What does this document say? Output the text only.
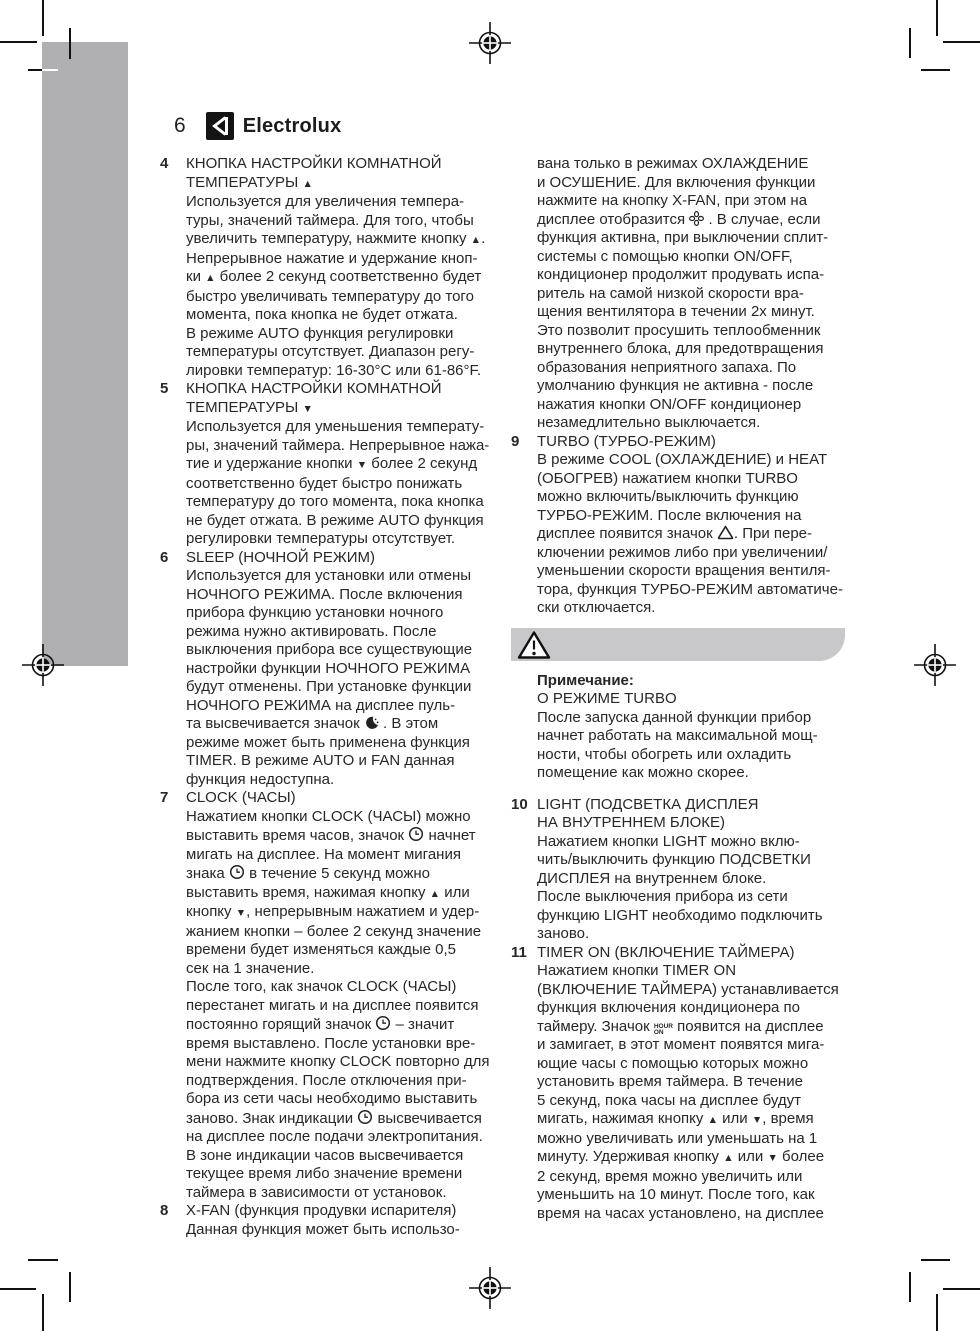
6	Electrolux
4	КНОПКА НАСТРОЙКИ КОМНАТНОЙ
ТЕМПЕРАТУРЫ ▲
Используется для увеличения темпера-
туры, значений таймера. Для того, чтобы
увеличить температуру, нажмите кнопку ▲.
Непрерывное нажатие и удержание кноп-
ки ▲ более 2 секунд соответственно будет
быстро увеличивать температуру до того
момента, пока кнопка не будет отжата.
В режиме AUTO функция регулировки
температуры отсутствует. Диапазон регу-
лировки температур: 16-30°C или 61-86°F.
5	КНОПКА НАСТРОЙКИ КОМНАТНОЙ
ТЕМПЕРАТУРЫ ▼
Используется для уменьшения температу-
ры, значений таймера. Непрерывное нажа-
тие и удержание кнопки ▼ более 2 секунд
соответственно будет быстро понижать
температуру до того момента, пока кнопка
не будет отжата. В режиме AUTO функция
регулировки температуры отсутствует.
6	SLEEP (НОЧНОЙ РЕЖИМ)
Используется для установки или отмены
НОЧНОГО РЕЖИМА. После включения
прибора функцию установки ночного
режима нужно активировать. После
выключения прибора все существующие
настройки функции НОЧНОГО РЕЖИМА
будут отменены. При установке функции
НОЧНОГО РЕЖИМА на дисплее пуль-
та высвечивается значок  . В этом
режиме может быть применена функция
TIMER. В режиме AUTO и FAN данная
функция недоступна.
7	CLOCK (ЧАСЫ)
Нажатием кнопки CLOCK (ЧАСЫ) можно
выставить время часов, значок  начнет
мигать на дисплее. На момент мигания
знака  в течение 5 секунд можно
выставить время, нажимая кнопку ▲ или
кнопку ▼, непрерывным нажатием и удер-
жанием кнопки – более 2 секунд значение
времени будет изменяться каждые 0,5
сек на 1 значение.
После того, как значок CLOCK (ЧАСЫ)
перестанет мигать и на дисплее появится
постоянно горящий значок  – значит
время выставлено. После установки вре-
мени нажмите кнопку CLOCK повторно для
подтверждения. После отключения при-
бора из сети часы необходимо выставить
заново. Знак индикации  высвечивается
на дисплее после подачи электропитания.
В зоне индикации часов высвечивается
текущее время либо значение времени
таймера в зависимости от установок.
8	X-FAN (функция продувки испарителя)
Данная функция может быть использо-
вана только в режимах ОХЛАЖДЕНИЕ
и ОСУШЕНИЕ. Для включения функции
нажмите на кнопку X-FAN, при этом на
дисплее отобразится  . В случае, если
функция активна, при выключении сплит-
системы с помощью кнопки ON/OFF,
кондиционер продолжит продувать испа-
ритель на самой низкой скорости вра-
щения вентилятора в течении 2х минут.
Это позволит просушить теплообменник
внутреннего блока, для предотвращения
образования неприятного запаха. По
умолчанию функция не активна - после
нажатия кнопки ON/OFF кондиционер
незамедлительно выключается.
9	TURBO (ТУРБО-РЕЖИМ)
В режиме COOL (ОХЛАЖДЕНИЕ) и HEAT
(ОБОГРЕВ) нажатием кнопки TURBO
можно включить/выключить функцию
ТУРБО-РЕЖИМ. После включения на
дисплее появится значок . При пере-
ключении режимов либо при увеличении/
уменьшении скорости вращения вентиля-
тора, функция ТУРБО-РЕЖИМ автоматиче-
ски отключается.
Примечание:
О РЕЖИМЕ TURBO
После запуска данной функции прибор
начнет работать на максимальной мощ-
ности, чтобы обогреть или охладить
помещение как можно скорее.
10 LIGHT (ПОДСВЕТКА ДИСПЛЕЯ
НА ВНУТРЕННЕМ БЛОКЕ)
Нажатием кнопки LIGHT можно вклю-
чить/выключить функцию ПОДСВЕТКИ
ДИСПЛЕЯ на внутреннем блоке.
После выключения прибора из сети
функцию LIGHT необходимо подключить
заново.
11 TIMER ON (ВКЛЮЧЕНИЕ ТАЙМЕРА)
Нажатием кнопки TIMER ON
(ВКЛЮЧЕНИЕ ТАЙМЕРА) устанавливается
функция включения кондиционера по
таймеру. Значок HOUR
ON появится на дисплее
и замигает, в этот момент появятся мига-
ющие часы с помощью которых можно
установить время таймера. В течение
5 секунд, пока часы на дисплее будут
мигать, нажимая кнопку ▲ или ▼, время
можно увеличивать или уменьшать на 1
минуту. Удерживая кнопку ▲ или ▼ более
2 секунд, время можно увеличить или
уменьшить на 10 минут. После того, как
время на часах установлено, на дисплее
